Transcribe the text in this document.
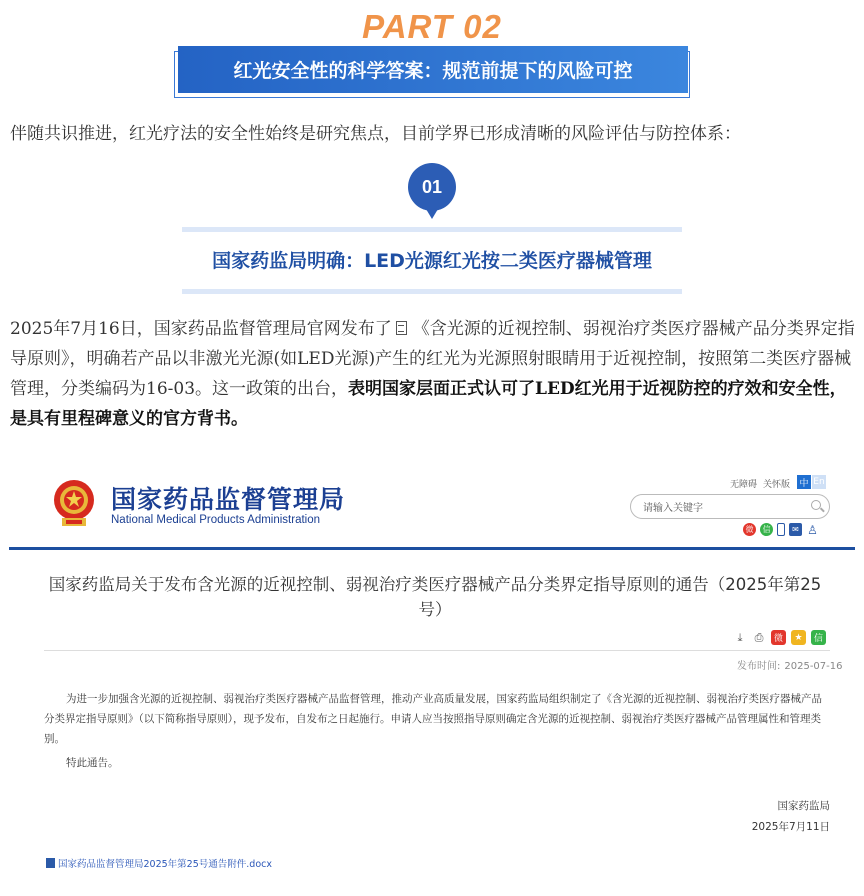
PART 02
红光安全性的科学答案：规范前提下的风险可控
伴随共识推进，红光疗法的安全性始终是研究焦点，目前学界已形成清晰的风险评估与防控体系：
01
国家药监局明确：LED光源红光按二类医疗器械管理
2025年7月16日，国家药品监督管理局官网发布了 《含光源的近视控制、弱视治疗类医疗器械产品分类界定指导原则》，明确若产品以非激光光源(如LED光源)产生的红光为光源照射眼睛用于近视控制，按照第二类医疗器械管理，分类编码为16-03。这一政策的出台，表明国家层面正式认可了LED红光用于近视防控的疗效和安全性，是具有里程碑意义的官方背书。
国家药品监督管理局
National Medical Products Administration
无障碍 关怀版	中 En
请输入关键字
微	信	✉ ♙
国家药监局关于发布含光源的近视控制、弱视治疗类医疗器械产品分类界定指导原则的通告（2025年第25号）
⤓	⎙	微	★	信
发布时间: 2025-07-16
为进一步加强含光源的近视控制、弱视治疗类医疗器械产品监督管理，推动产业高质量发展，国家药监局组织制定了《含光源的近视控制、弱视治疗类医疗器械产品分类界定指导原则》（以下简称指导原则），现予发布，自发布之日起施行。申请人应当按照指导原则确定含光源的近视控制、弱视治疗类医疗器械产品管理属性和管理类别。
特此通告。
国家药监局
2025年7月11日
国家药品监督管理局2025年第25号通告附件.docx
